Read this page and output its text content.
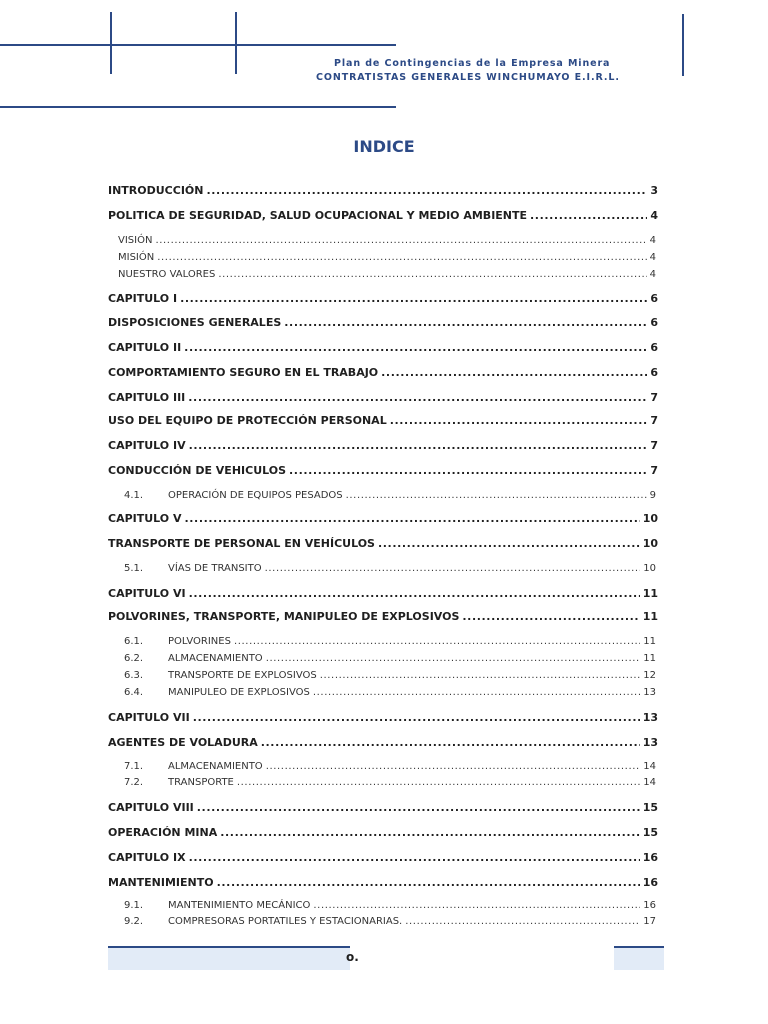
Plan de Contingencias de la Empresa Minera
CONTRATISTAS GENERALES WINCHUMAYO E.I.R.L.
INDICE
INTRODUCCIÓN .....	3
POLITICA DE SEGURIDAD, SALUD OCUPACIONAL Y MEDIO AMBIENTE .....	4
VISIÓN .....	4
MISIÓN .....	4
NUESTRO VALORES .....	4
CAPITULO I .....	6
DISPOSICIONES GENERALES .....	6
CAPITULO II .....	6
COMPORTAMIENTO SEGURO EN EL TRABAJO .....	6
CAPITULO III .....	7
USO DEL EQUIPO DE PROTECCIÓN PERSONAL .....	7
CAPITULO IV .....	7
CONDUCCIÓN DE VEHICULOS .....	7
4.1.	OPERACIÓN DE EQUIPOS PESADOS .....	9
CAPITULO V .....	10
TRANSPORTE DE PERSONAL EN VEHÍCULOS .....	10
5.1.	VÍAS DE TRANSITO .....	10
CAPITULO VI .....	11
POLVORINES, TRANSPORTE, MANIPULEO DE EXPLOSIVOS .....	11
6.1.	POLVORINES .....	11
6.2.	ALMACENAMIENTO .....	11
6.3.	TRANSPORTE DE EXPLOSIVOS .....	12
6.4.	MANIPULEO DE EXPLOSIVOS .....	13
CAPITULO VII .....	13
AGENTES DE VOLADURA .....	13
7.1.	ALMACENAMIENTO .....	14
7.2.	TRANSPORTE .....	14
CAPITULO VIII .....	15
OPERACIÓN MINA .....	15
CAPITULO IX .....	16
MANTENIMIENTO .....	16
9.1.	MANTENIMIENTO MECÁNICO .....	16
9.2.	COMPRESORAS PORTATILES Y ESTACIONARIAS. .....	17
o.
